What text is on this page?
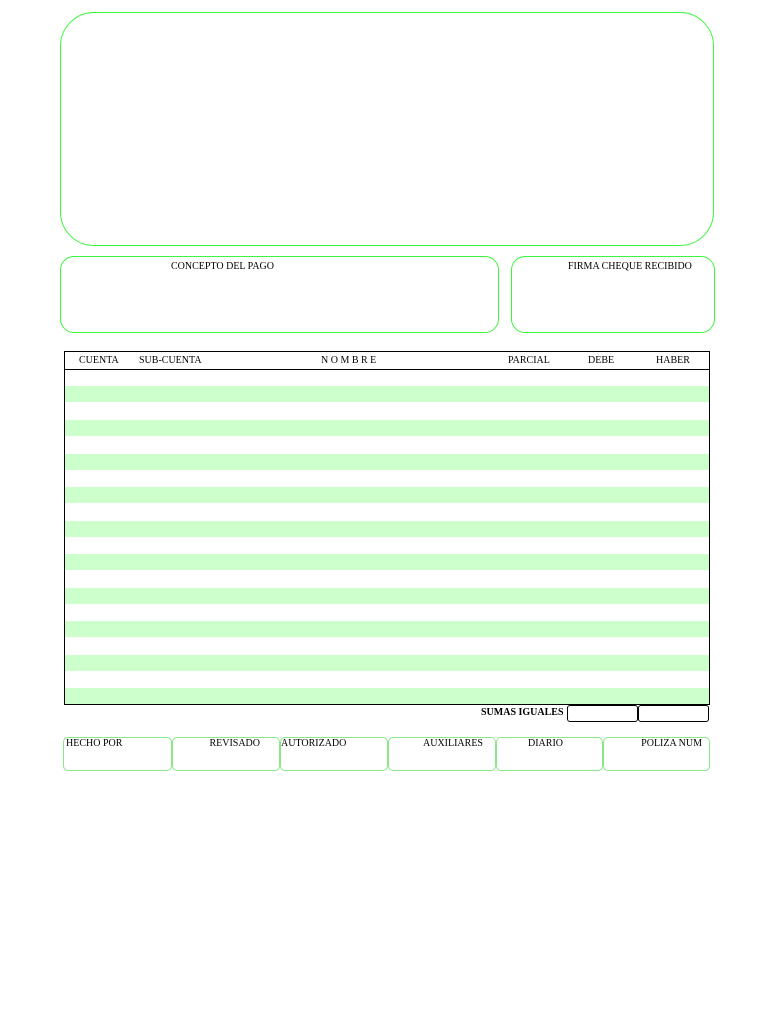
CONCEPTO DEL PAGO	FIRMA CHEQUE RECIBIDO
CUENTA SUB-CUENTA	N O M B R E	PARCIAL	DEBE	HABER
SUMAS IGUALES
HECHO POR	REVISADO AUTORIZADO	AUXILIARES	DIARIO	POLIZA NUM
